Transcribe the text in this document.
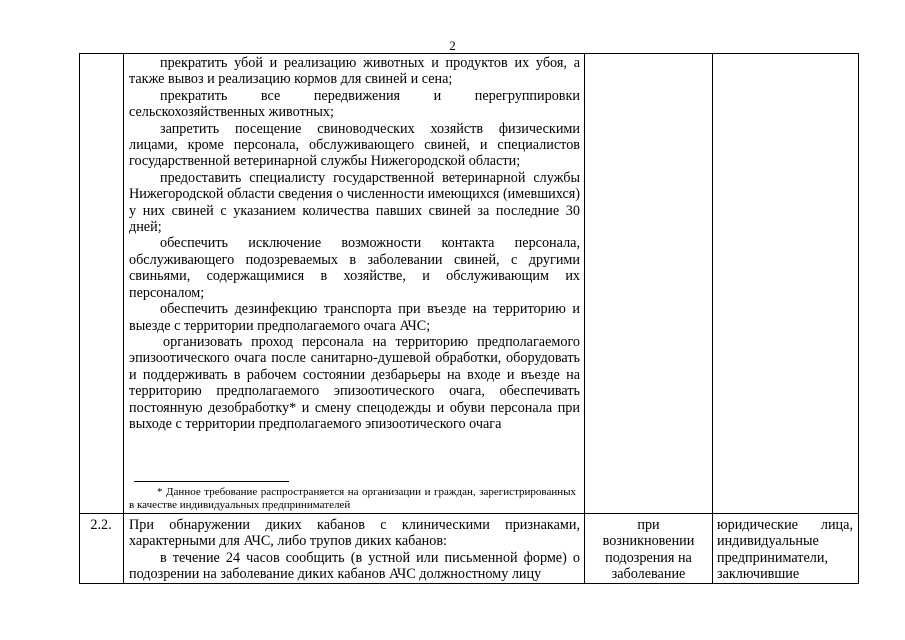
2

прекратить убой и реализацию животных и продуктов их убоя, а также вывоз и реализацию кормов для свиней и сена;

прекратить все передвижения и перегруппировки сельскохозяйственных животных;

запретить посещение свиноводческих хозяйств физическими лицами, кроме персонала, обслуживающего свиней, и специалистов государственной ветеринарной службы Нижегородской области;

предоставить специалисту государственной ветеринарной службы Нижегородской области сведения о численности имеющихся (имевшихся) у них свиней с указанием количества павших свиней за последние 30 дней;

обеспечить исключение возможности контакта персонала, обслуживающего подозреваемых в заболевании свиней, с другими свиньями, содержащимися в хозяйстве, и обслуживающим их персоналом;

обеспечить дезинфекцию транспорта при въезде на территорию и выезде с территории предполагаемого очага АЧС;

организовать проход персонала на территорию предполагаемого эпизоотического очага после санитарно-душевой обработки, оборудовать и поддерживать в рабочем состоянии дезбарьеры на входе и въезде на территорию предполагаемого эпизоотического очага, обеспечивать постоянную дезобработку* и смену спецодежды и обуви персонала при выходе с территории предполагаемого эпизоотического очага

* Данное требование распространяется на организации и граждан, зарегистрированных в качестве индивидуальных предпринимателей

2.2.	При обнаружении диких кабанов с клиническими признаками, характерными для АЧС, либо трупов диких кабанов:

в течение 24 часов сообщить (в устной или письменной форме) о подозрении на заболевание диких кабанов АЧС должностному лицу

при возникновении подозрения на заболевание
юридические лица, индивидуальные предприниматели, заключившие
